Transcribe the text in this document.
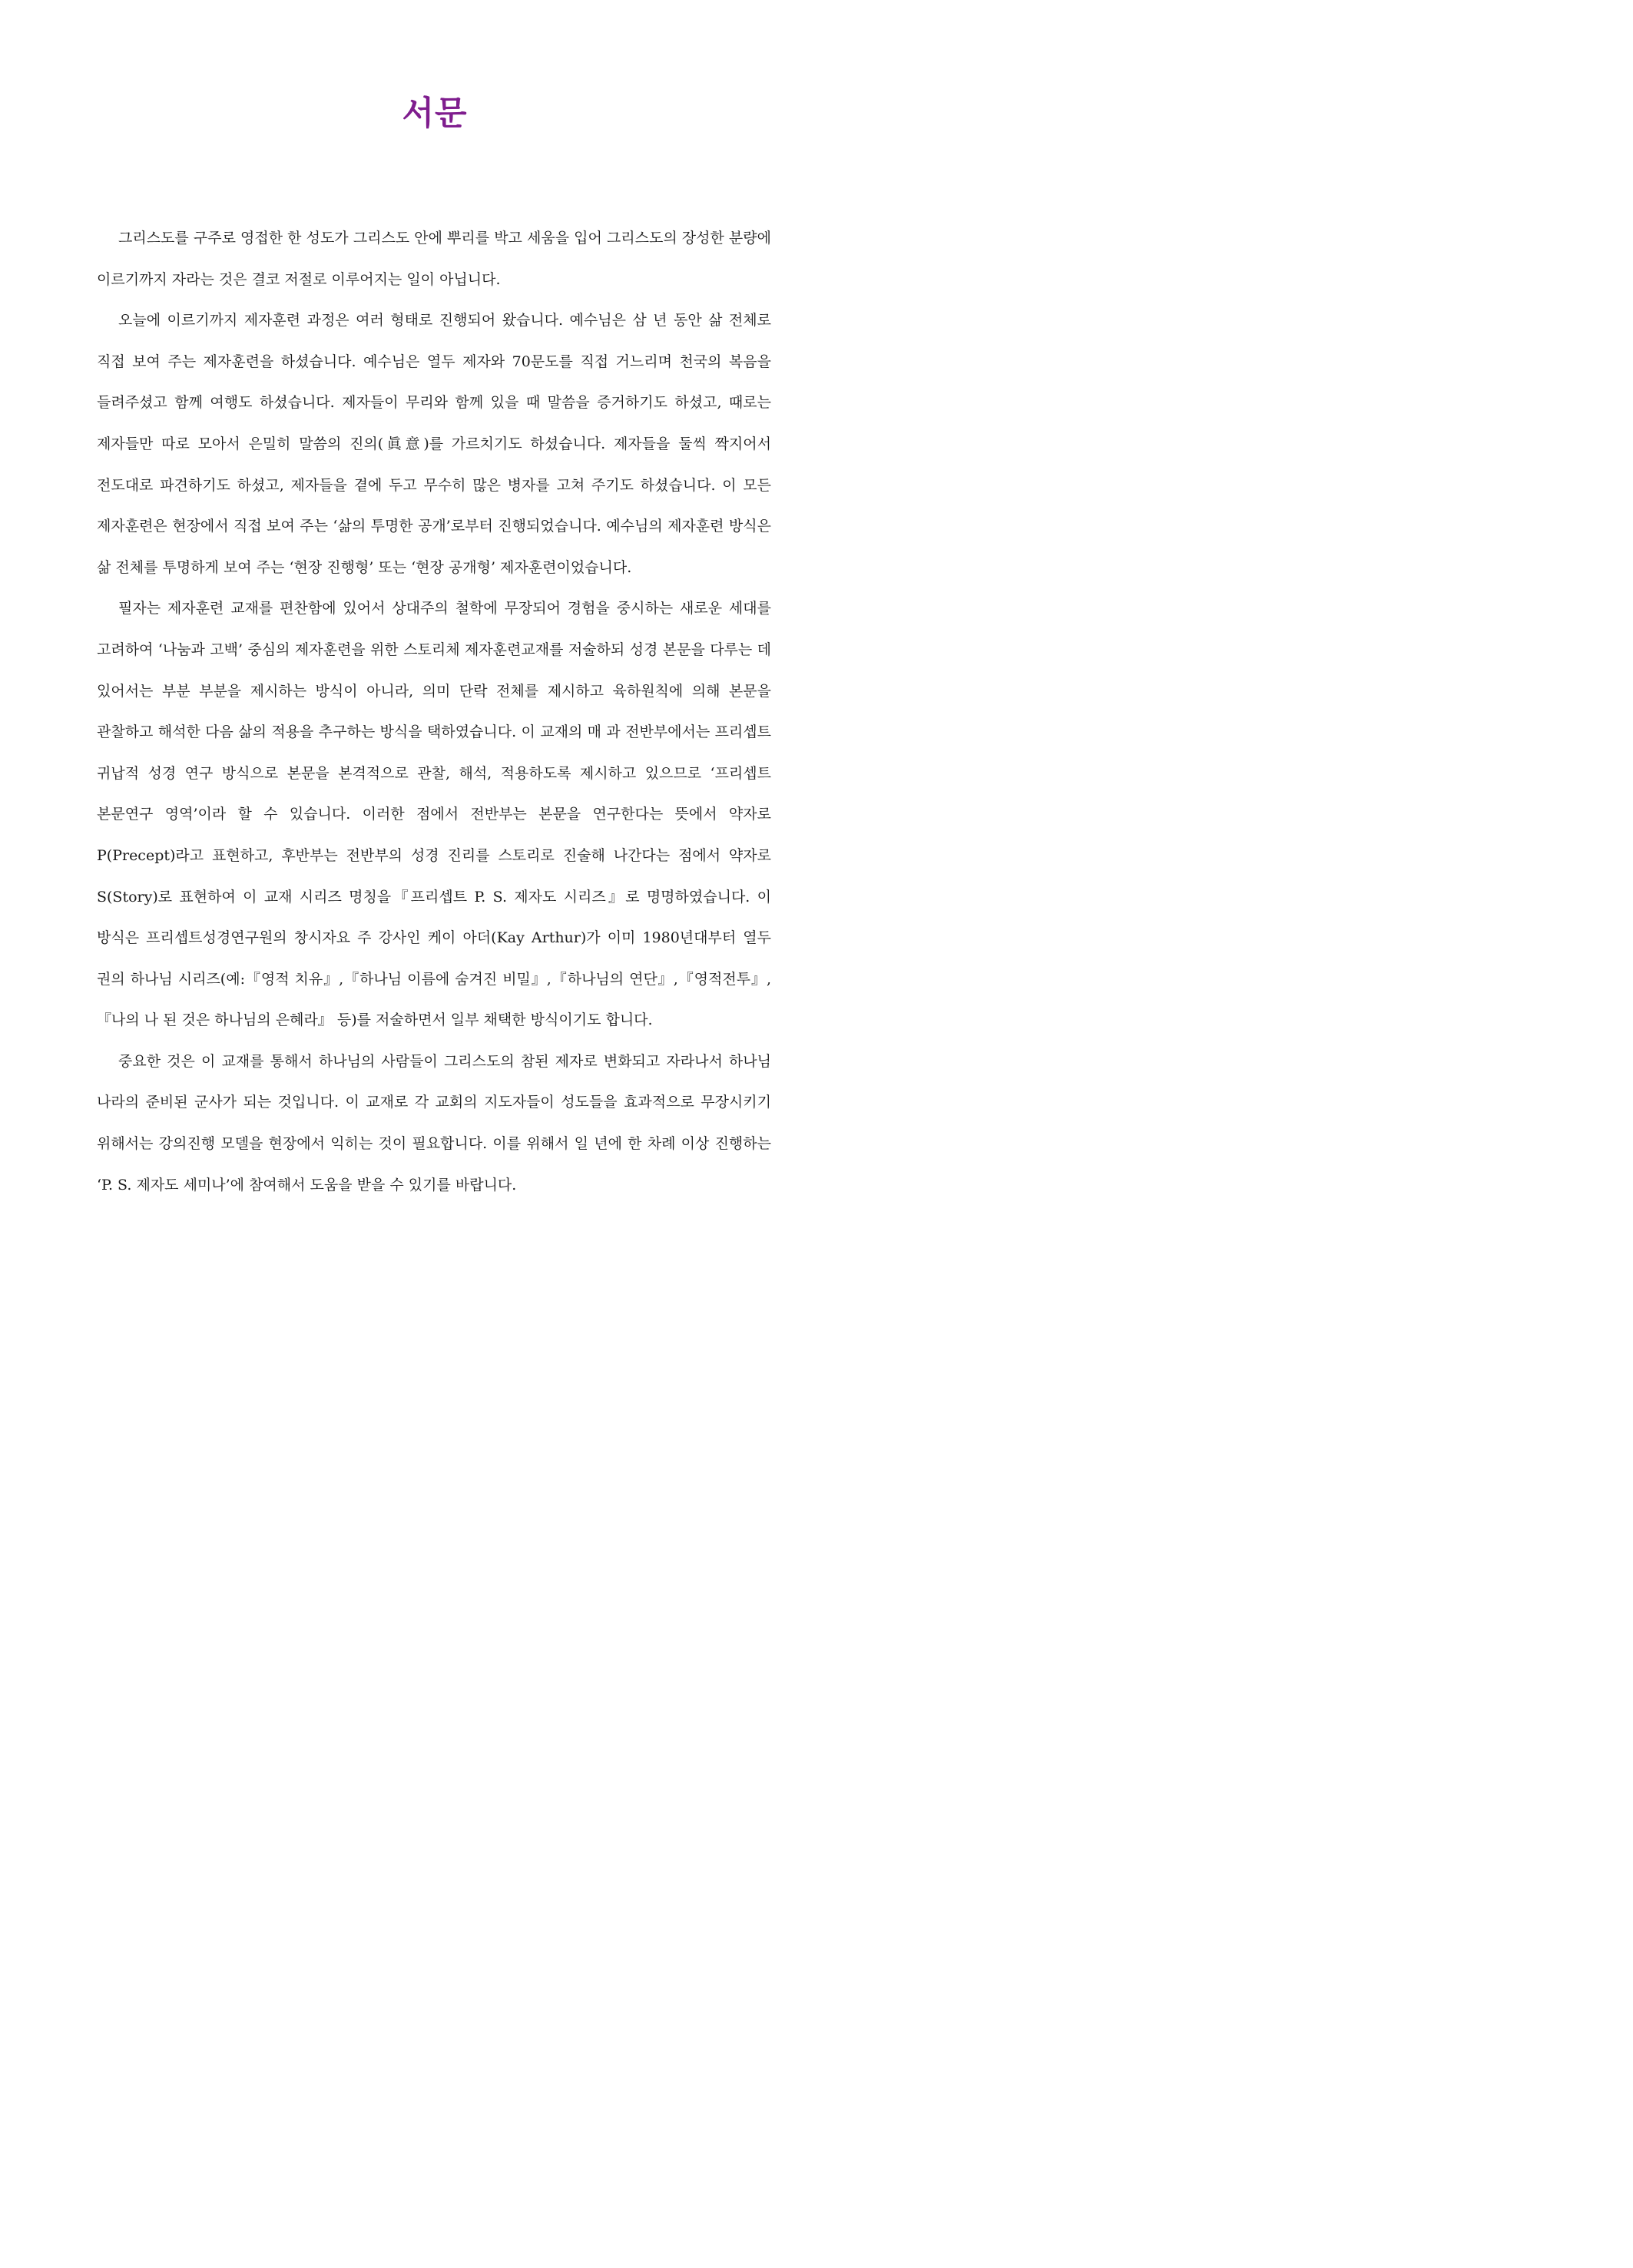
서문

그리스도를 구주로 영접한 한 성도가 그리스도 안에 뿌리를 박고 세움을 입어 그리스도의 장성한 분량에 이르기까지 자라는 것은 결코 저절로 이루어지는 일이 아닙니다.

오늘에 이르기까지 제자훈련 과정은 여러 형태로 진행되어 왔습니다. 예수님은 삼 년 동안 삶 전체로 직접 보여 주는 제자훈련을 하셨습니다. 예수님은 열두 제자와 70문도를 직접 거느리며 천국의 복음을 들려주셨고 함께 여행도 하셨습니다. 제자들이 무리와 함께 있을 때 말씀을 증거하기도 하셨고, 때로는 제자들만 따로 모아서 은밀히 말씀의 진의(眞意)를 가르치기도 하셨습니다. 제자들을 둘씩 짝지어서 전도대로 파견하기도 하셨고, 제자들을 곁에 두고 무수히 많은 병자를 고쳐 주기도 하셨습니다. 이 모든 제자훈련은 현장에서 직접 보여 주는 ‘삶의 투명한 공개’로부터 진행되었습니다. 예수님의 제자훈련 방식은 삶 전체를 투명하게 보여 주는 ‘현장 진행형’ 또는 ‘현장 공개형’ 제자훈련이었습니다.

필자는 제자훈련 교재를 편찬함에 있어서 상대주의 철학에 무장되어 경험을 중시하는 새로운 세대를 고려하여 ‘나눔과 고백’ 중심의 제자훈련을 위한 스토리체 제자훈련교재를 저술하되 성경 본문을 다루는 데 있어서는 부분 부분을 제시하는 방식이 아니라, 의미 단락 전체를 제시하고 육하원칙에 의해 본문을 관찰하고 해석한 다음 삶의 적용을 추구하는 방식을 택하였습니다. 이 교재의 매 과 전반부에서는 프리셉트 귀납적 성경 연구 방식으로 본문을 본격적으로 관찰, 해석, 적용하도록 제시하고 있으므로 ‘프리셉트 본문연구 영역’이라 할 수 있습니다. 이러한 점에서 전반부는 본문을 연구한다는 뜻에서 약자로 P(Precept)라고 표현하고, 후반부는 전반부의 성경 진리를 스토리로 진술해 나간다는 점에서 약자로 S(Story)로 표현하여 이 교재 시리즈 명칭을『프리셉트 P. S. 제자도 시리즈』로 명명하였습니다. 이 방식은 프리셉트성경연구원의 창시자요 주 강사인 케이 아더(Kay Arthur)가 이미 1980년대부터 열두 권의 하나님 시리즈(예:『영적 치유』,『하나님 이름에 숨겨진 비밀』,『하나님의 연단』,『영적전투』,『나의 나 된 것은 하나님의 은혜라』 등)를 저술하면서 일부 채택한 방식이기도 합니다.

중요한 것은 이 교재를 통해서 하나님의 사람들이 그리스도의 참된 제자로 변화되고 자라나서 하나님 나라의 준비된 군사가 되는 것입니다. 이 교재로 각 교회의 지도자들이 성도들을 효과적으로 무장시키기 위해서는 강의진행 모델을 현장에서 익히는 것이 필요합니다. 이를 위해서 일 년에 한 차례 이상 진행하는 ‘P. S. 제자도 세미나’에 참여해서 도움을 받을 수 있기를 바랍니다.
